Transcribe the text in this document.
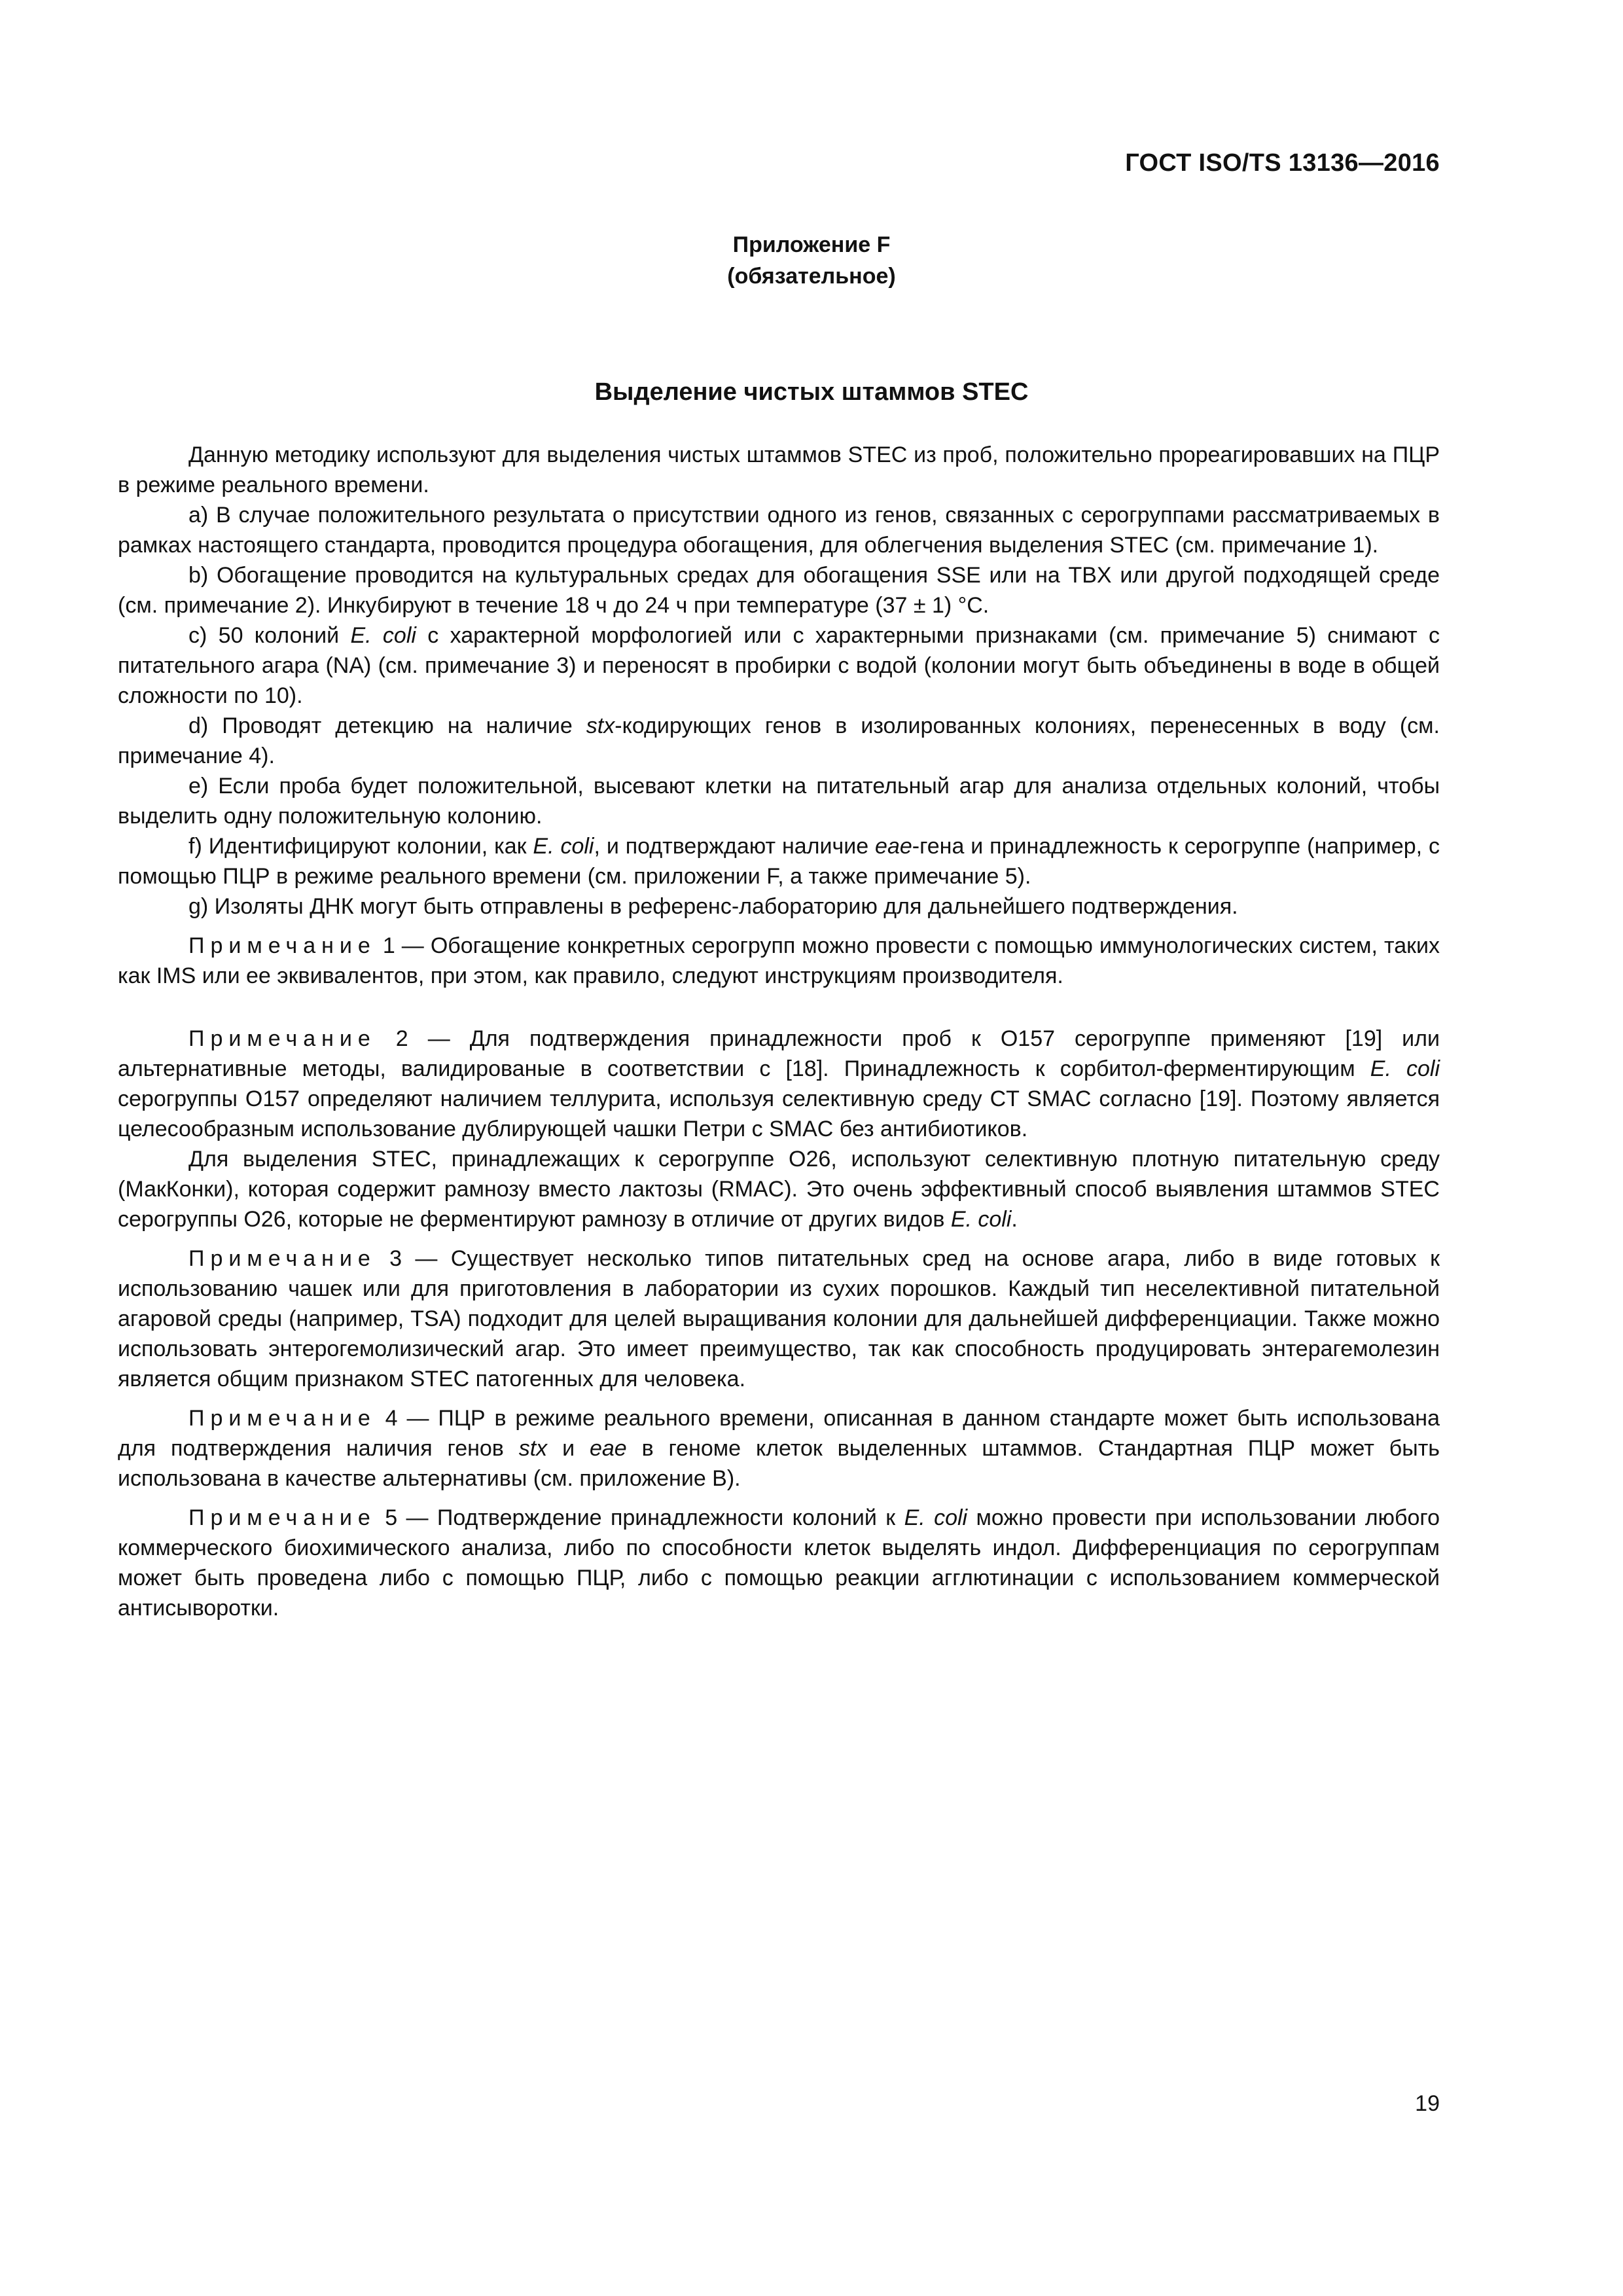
ГОСТ ISO/TS 13136—2016
Приложение F
(обязательное)
Выделение чистых штаммов STEC

Данную методику используют для выделения чистых штаммов STEC из проб, положительно прореагировавших на ПЦР в режиме реального времени.

а) В случае положительного результата о присутствии одного из генов, связанных с серогруппами рассматриваемых в рамках настоящего стандарта, проводится процедура обогащения, для облегчения выделения STEC (см. примечание 1).

b) Обогащение проводится на культуральных средах для обогащения SSE или на TBX или другой подходящей среде (см. примечание 2). Инкубируют в течение 18 ч до 24 ч при температуре (37 ± 1) °С.

с) 50 колоний E. coli с характерной морфологией или с характерными признаками (см. примечание 5) снимают с питательного агара (NA) (см. примечание 3) и переносят в пробирки с водой (колонии могут быть объединены в воде в общей сложности по 10).

d) Проводят детекцию на наличие stx-кодирующих генов в изолированных колониях, перенесенных в воду (см. примечание 4).

е) Если проба будет положительной, высевают клетки на питательный агар для анализа отдельных колоний, чтобы выделить одну положительную колонию.

f) Идентифицируют колонии, как E. coli, и подтверждают наличие eae-гена и принадлежность к серогруппе (например, с помощью ПЦР в режиме реального времени (см. приложении F, а также примечание 5).

g) Изоляты ДНК могут быть отправлены в референс-лабораторию для дальнейшего подтверждения.

Примечание 1 — Обогащение конкретных серогрупп можно провести с помощью иммунологических систем, таких как IMS или ее эквивалентов, при этом, как правило, следуют инструкциям производителя.

Примечание 2 — Для подтверждения принадлежности проб к O157 серогруппе применяют [19] или альтернативные методы, валидированые в соответствии с [18]. Принадлежность к сорбитол-ферментирующим E. coli серогруппы O157 определяют наличием теллурита, используя селективную среду CT SMAC согласно [19]. Поэтому является целесообразным использование дублирующей чашки Петри с SMAC без антибиотиков.

Для выделения STEC, принадлежащих к серогруппе O26, используют селективную плотную питательную среду (МакКонки), которая содержит рамнозу вместо лактозы (RMAC). Это очень эффективный способ выявления штаммов STEC серогруппы O26, которые не ферментируют рамнозу в отличие от других видов E. coli.

Примечание 3 — Существует несколько типов питательных сред на основе агара, либо в виде готовых к использованию чашек или для приготовления в лаборатории из сухих порошков. Каждый тип неселективной питательной агаровой среды (например, TSA) подходит для целей выращивания колонии для дальнейшей дифференциации. Также можно использовать энтерогемолизический агар. Это имеет преимущество, так как способность продуцировать энтерагемолезин является общим признаком STEC патогенных для человека.

Примечание 4 — ПЦР в режиме реального времени, описанная в данном стандарте может быть использована для подтверждения наличия генов stx и eae в геноме клеток выделенных штаммов. Стандартная ПЦР может быть использована в качестве альтернативы (см. приложение В).

Примечание 5 — Подтверждение принадлежности колоний к E. coli можно провести при использовании любого коммерческого биохимического анализа, либо по способности клеток выделять индол. Дифференциация по серогруппам может быть проведена либо с помощью ПЦР, либо с помощью реакции агглютинации с использованием коммерческой антисыворотки.

19
